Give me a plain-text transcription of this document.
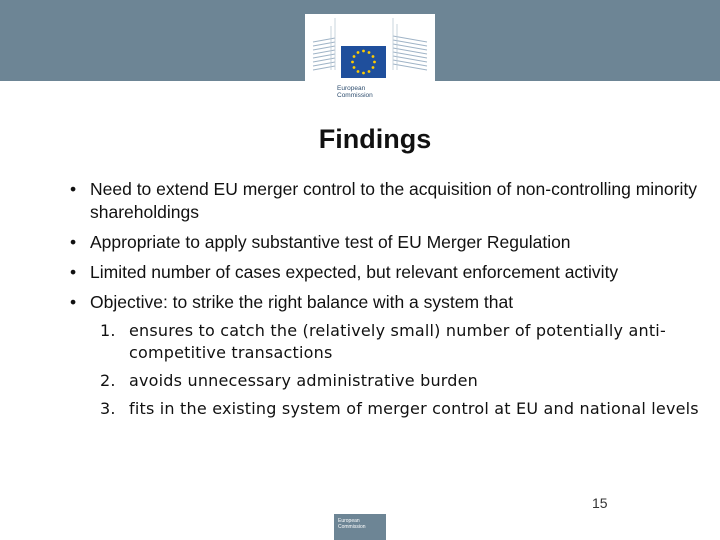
European
Commission
Findings
• Need to extend EU merger control to the acquisition of non-controlling minority shareholdings
• Appropriate to apply substantive test of EU Merger Regulation
• Limited number of cases expected, but relevant enforcement activity
• Objective: to strike the right balance with a system that
1. ensures to catch the (relatively small) number of potentially anti-competitive transactions
2. avoids unnecessary administrative burden
3. fits in the existing system of merger control at EU and national levels
15
European Commission
